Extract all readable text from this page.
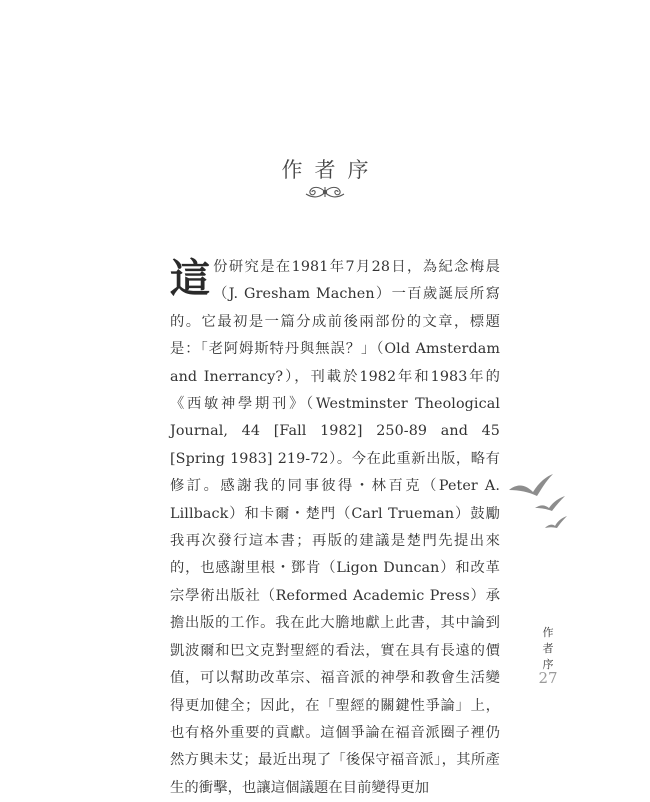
作者序

這份研究是在1981年7月28日，為紀念梅晨（J. Gresham Machen）一百歲誕辰所寫的。它最初是一篇分成前後兩部份的文章，標題是：「老阿姆斯特丹與無誤？」（Old Amsterdam and Inerrancy?），刊載於1982年和1983年的《西敏神學期刊》（Westminster Theological Journal, 44 [Fall 1982] 250-89 and 45 [Spring 1983] 219-72）。今在此重新出版，略有修訂。感謝我的同事彼得・林百克（Peter A. Lillback）和卡爾・楚門（Carl Trueman）鼓勵我再次發行這本書；再版的建議是楚門先提出來的，也感謝里根・鄧肯（Ligon Duncan）和改革宗學術出版社（Reformed Academic Press）承擔出版的工作。我在此大膽地獻上此書，其中論到凱波爾和巴文克對聖經的看法，實在具有長遠的價值，可以幫助改革宗、福音派的神學和教會生活變得更加健全；因此，在「聖經的關鍵性爭論」上，也有格外重要的貢獻。這個爭論在福音派圈子裡仍然方興未艾；最近出現了「後保守福音派」，其所產生的衝擊，也讓這個議題在目前變得更加

作者序
27
